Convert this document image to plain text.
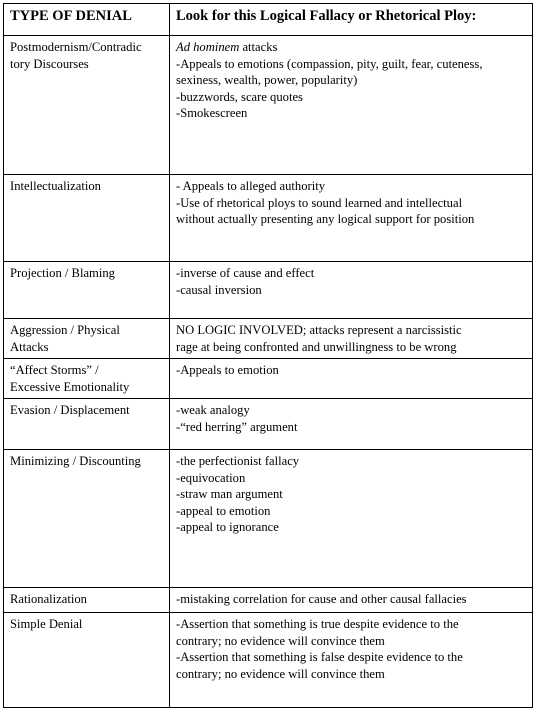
TYPE OF DENIAL	Look for this Logical Fallacy or Rhetorical Ploy:

Postmodernism/Contradic
tory Discourses	Ad hominem attacks
-Appeals to emotions (compassion, pity, guilt, fear, cuteness,
sexiness, wealth, power, popularity)
-buzzwords, scare quotes
-Smokescreen

Intellectualization	- Appeals to alleged authority
-Use of rhetorical ploys to sound learned and intellectual
without actually presenting any logical support for position

Projection / Blaming	-inverse of cause and effect
-causal inversion

Aggression / Physical
Attacks	NO LOGIC INVOLVED; attacks represent a narcissistic
rage at being confronted and unwillingness to be wrong

“Affect Storms” /
Excessive Emotionality	-Appeals to emotion

Evasion / Displacement	-weak analogy
-“red herring” argument

Minimizing / Discounting	-the perfectionist fallacy
-equivocation
-straw man argument
-appeal to emotion
-appeal to ignorance

Rationalization	-mistaking correlation for cause and other causal fallacies

Simple Denial	-Assertion that something is true despite evidence to the
contrary; no evidence will convince them
-Assertion that something is false despite evidence to the
contrary; no evidence will convince them
